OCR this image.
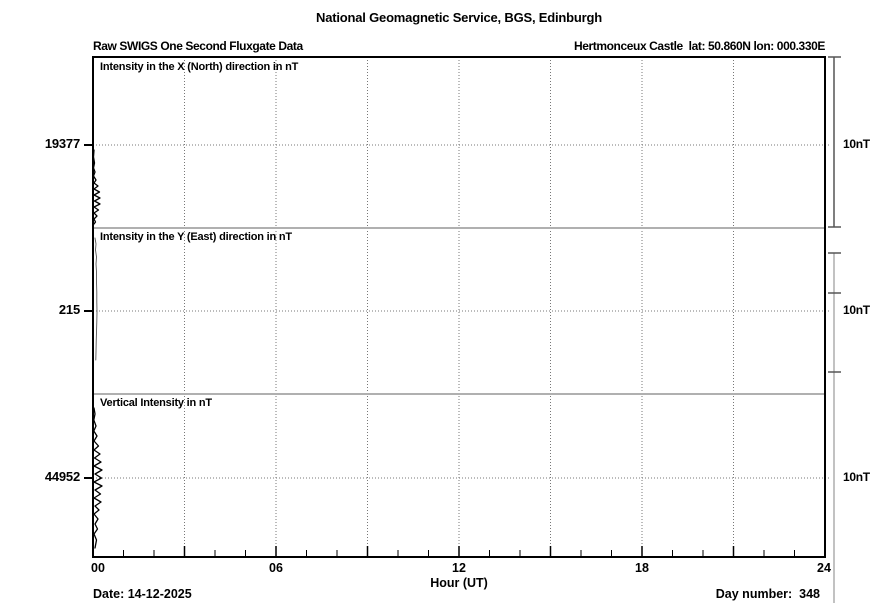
National Geomagnetic Service, BGS, Edinburgh
Raw SWIGS One Second Fluxgate Data	Hertmonceux Castle  lat: 50.860N lon: 000.330E
Intensity in the X (North) direction in nT
Intensity in the Y (East) direction in nT
Vertical Intensity in nT
19377
215
44952
10nT
10nT
10nT
00	06	12	18	24
Hour (UT)
Date: 14-12-2025	Day number:  348
